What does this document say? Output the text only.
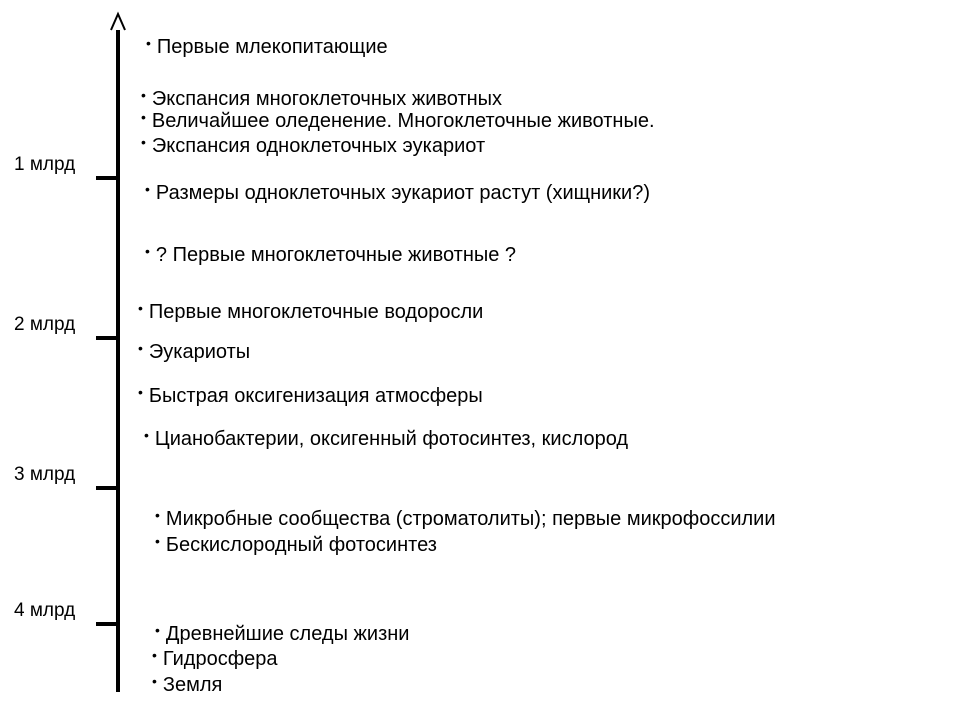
1 млрд
2 млрд
3 млрд
4 млрд
• Первые млекопитающие
• Экспансия многоклеточных животных
• Величайшее оледенение. Многоклеточные животные.
• Экспансия одноклеточных эукариот
• Размеры одноклеточных эукариот растут (хищники?)
• ? Первые многоклеточные животные ?
• Первые многоклеточные водоросли
• Эукариоты
• Быстрая оксигенизация атмосферы
• Цианобактерии, оксигенный фотосинтез, кислород
• Микробные сообщества (строматолиты); первые микрофоссилии
• Бескислородный фотосинтез
• Древнейшие следы жизни
• Гидросфера
• Земля
